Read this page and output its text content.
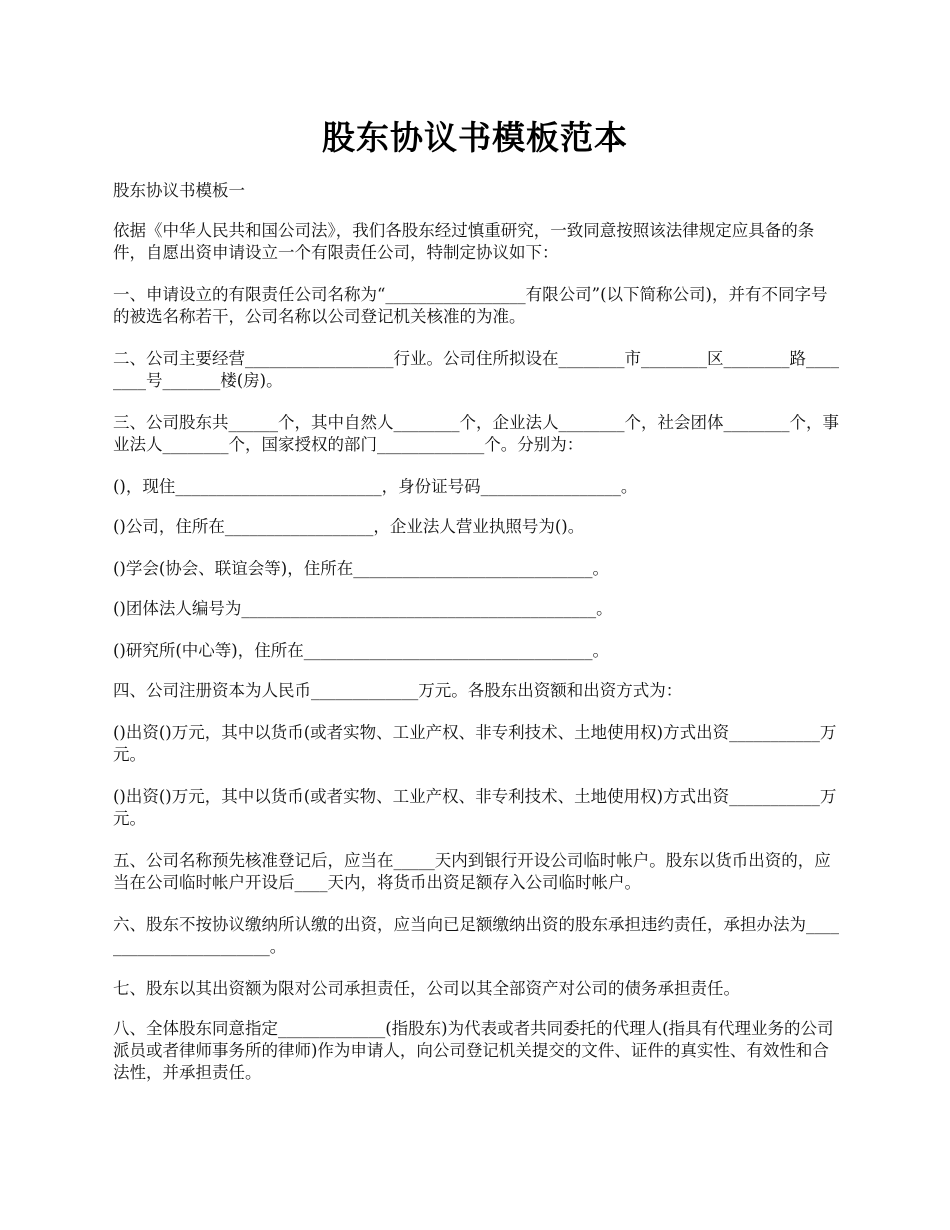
股东协议书模板范本

股东协议书模板一

依据《中华人民共和国公司法》，我们各股东经过慎重研究，一致同意按照该法律规定应具备的条件，自愿出资申请设立一个有限责任公司，特制定协议如下：

一、申请设立的有限责任公司名称为“_________________有限公司”(以下简称公司)，并有不同字号的被选名称若干，公司名称以公司登记机关核准的为准。

二、公司主要经营__________________行业。公司住所拟设在________市________区________路________号_______楼(房)。

三、公司股东共______个，其中自然人________个，企业法人________个，社会团体________个，事业法人________个，国家授权的部门_____________个。分别为：

()，现住_________________________，身份证号码_________________。

()公司，住所在__________________，企业法人营业执照号为()。

()学会(协会、联谊会等)，住所在_____________________________。

()团体法人编号为___________________________________________。

()研究所(中心等)，住所在___________________________________。

四、公司注册资本为人民币_____________万元。各股东出资额和出资方式为：

()出资()万元，其中以货币(或者实物、工业产权、非专利技术、土地使用权)方式出资___________万元。

()出资()万元，其中以货币(或者实物、工业产权、非专利技术、土地使用权)方式出资___________万元。

五、公司名称预先核准登记后，应当在_____天内到银行开设公司临时帐户。股东以货币出资的，应当在公司临时帐户开设后____天内，将货币出资足额存入公司临时帐户。

六、股东不按协议缴纳所认缴的出资，应当向已足额缴纳出资的股东承担违约责任，承担办法为_______________________。

七、股东以其出资额为限对公司承担责任，公司以其全部资产对公司的债务承担责任。

八、全体股东同意指定_____________(指股东)为代表或者共同委托的代理人(指具有代理业务的公司派员或者律师事务所的律师)作为申请人，向公司登记机关提交的文件、证件的真实性、有效性和合法性，并承担责任。
